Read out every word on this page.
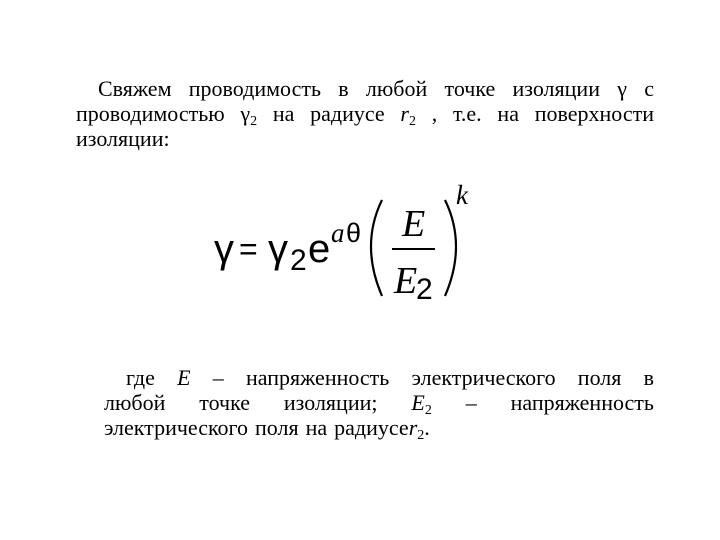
Свяжем проводимость в любой точке изоляции γ с
проводимостью $\gamma_2$ на радиусе $r_2$ , т.е. на поверхности
изоляции:
γ = γ 2 e a θ E
E
2
k
где E – напряженность электрического поля в
любой точке изоляции; $E_2$ – напряженность
электрического поля на радиусе $r_2$.
